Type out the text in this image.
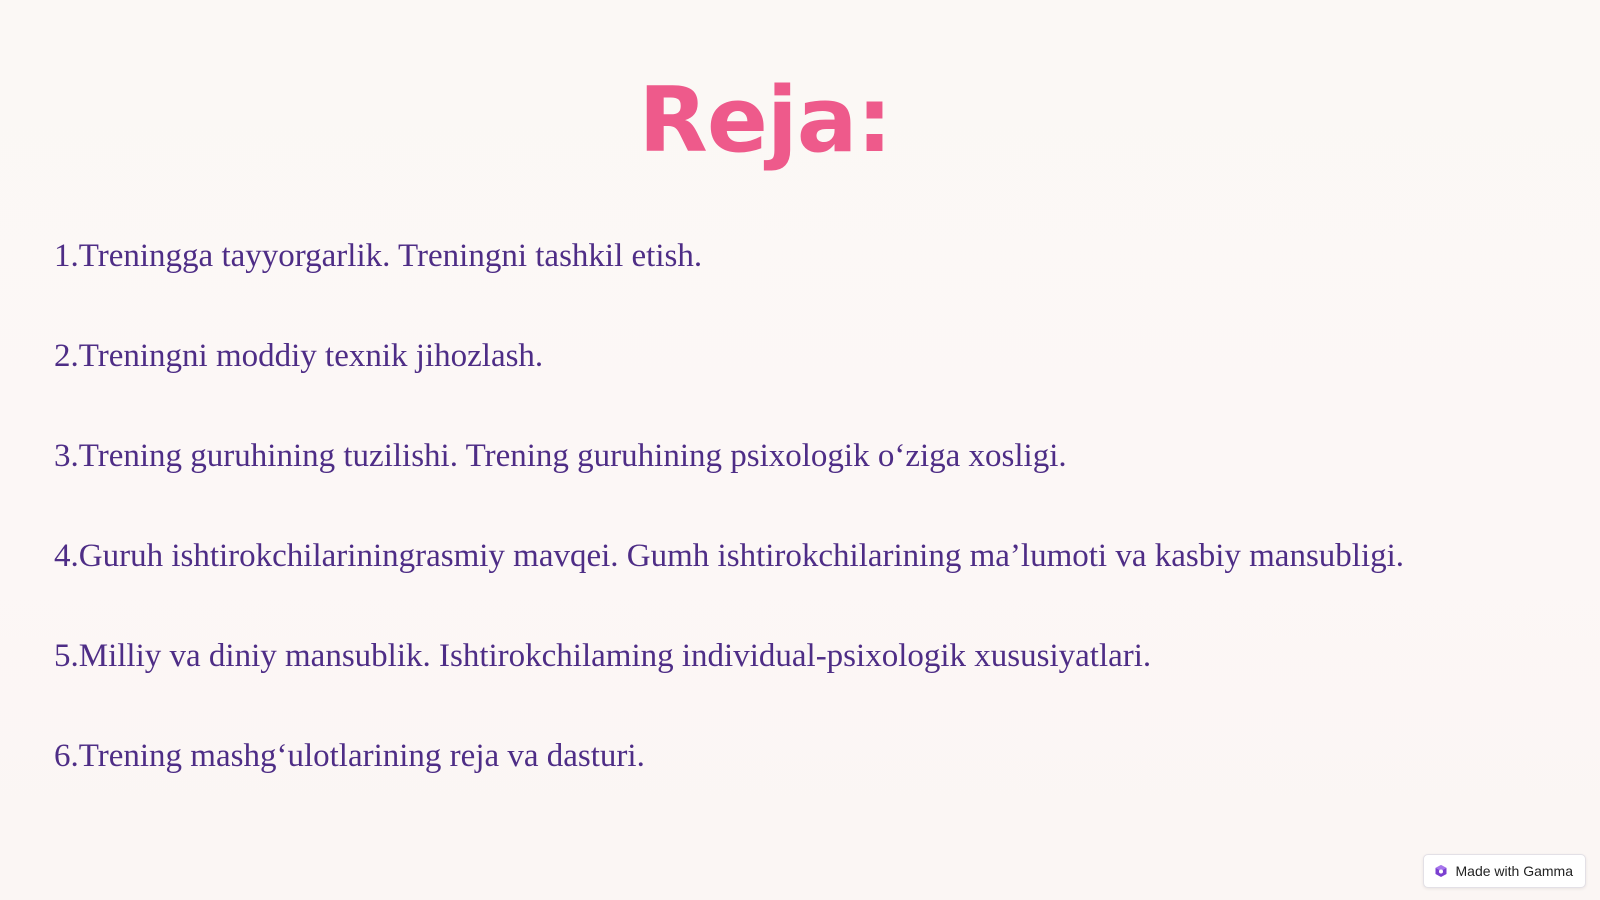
Reja:
1.Treningga tayyorgarlik. Treningni tashkil etish.
2.Treningni moddiy texnik jihozlash.
3.Trening guruhining tuzilishi. Trening guruhining psixologik o‘ziga xosligi.
4.Guruh ishtirokchilariningrasmiy mavqei. Gumh ishtirokchilarining ma’lumoti va kasbiy mansubligi.
5.Milliy va diniy mansublik. Ishtirokchilaming individual-psixologik xususiyatlari.
6.Trening mashg‘ulotlarining reja va dasturi.
Made with Gamma
